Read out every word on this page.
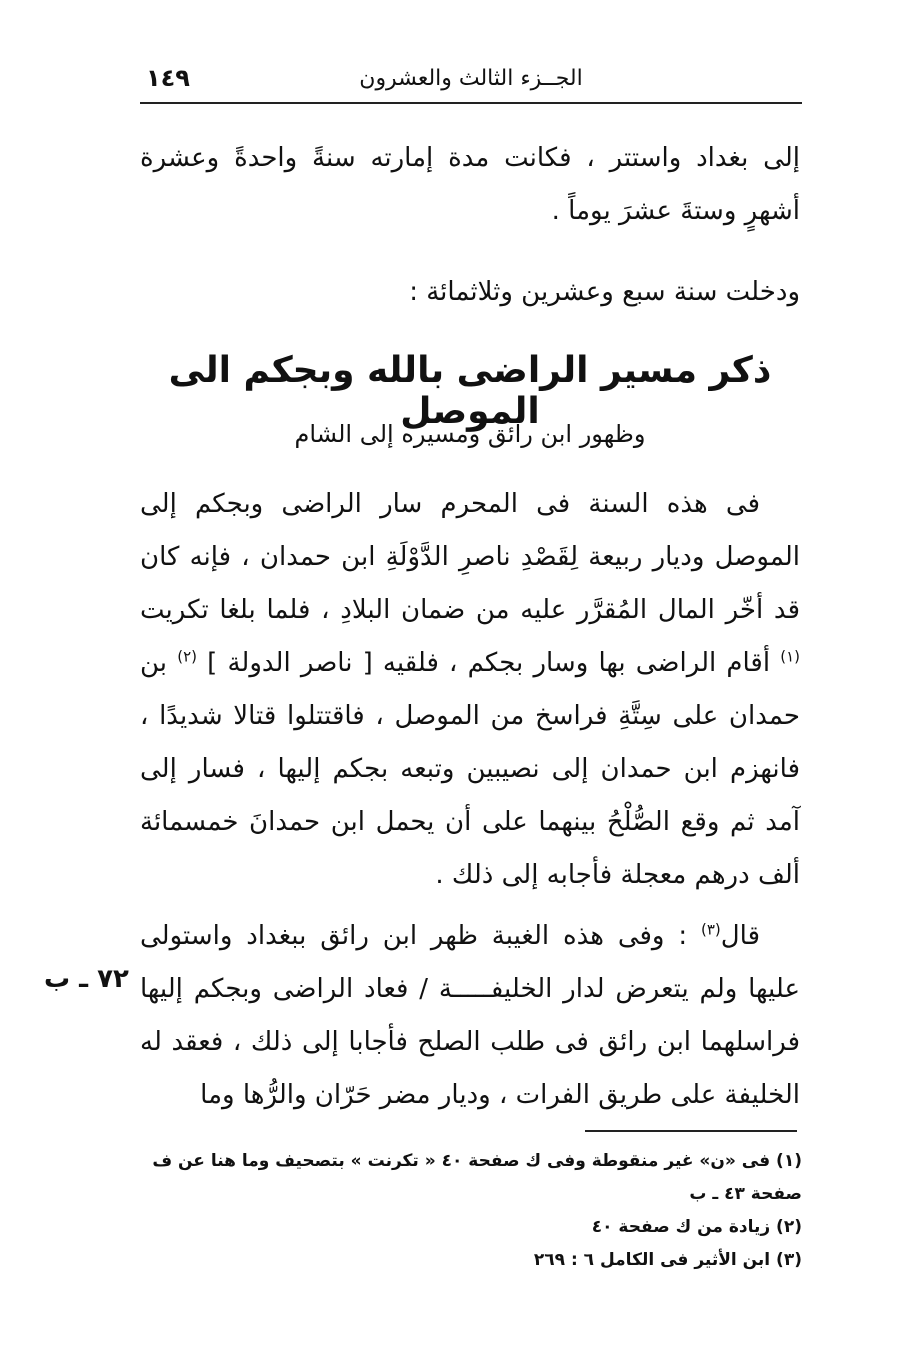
١٤٩	الجــزء الثالث والعشرون

إلى بغداد واستتر ، فكانت مدة إمارته سنةً واحدةً وعشرة أشهرٍ وستةَ عشرَ يوماً .

ودخلت سنة سبع وعشرين وثلاثمائة :

ذكر مسير الراضى بالله وبجكم الى الموصل
وظهور ابن رائق ومسيره إلى الشام

فى هذه السنة فى المحرم سار الراضى وبجكم إلى الموصل وديار ربيعة لِقَصْدِ ناصرِ الدَّوْلَةِ ابن حمدان ، فإنه كان قد أخّر المال المُقرَّر عليه من ضمان البلادِ ، فلما بلغا تكريت $^{(١)}$ أقام الراضى بها وسار بجكم ، فلقيه [ ناصر الدولة ] $^{(٢)}$ بن حمدان على سِتَّةِ فراسخ من الموصل ، فاقتتلوا قتالا شديدًا ، فانهزم ابن حمدان إلى نصيبين وتبعه بجكم إليها ، فسار إلى آمد ثم وقع الصُّلْحُ بينهما على أن يحمل ابن حمدانَ خمسمائة ألف درهم معجلة فأجابه إلى ذلك .

قال$^{(٣)}$ : وفى هذه الغيبة ظهر ابن رائق ببغداد واستولى عليها ولم يتعرض لدار الخليفـــــة / فعاد الراضى وبجكم إليها فراسلهما ابن رائق فى طلب الصلح فأجابا إلى ذلك ، فعقد له الخليفة على طريق الفرات ، وديار مضر حَرّان والرُّها وما

٧٢ ـ ب
(١) فى «ن» غير منقوطة وفى ك صفحة ٤٠ « تكرنت » بتصحيف وما هنا عن ف صفحة ٤٣ ـ ب
(٢) زيادة من ك صفحة ٤٠
(٣) ابن الأثير فى الكامل ٦ : ٢٦٩
